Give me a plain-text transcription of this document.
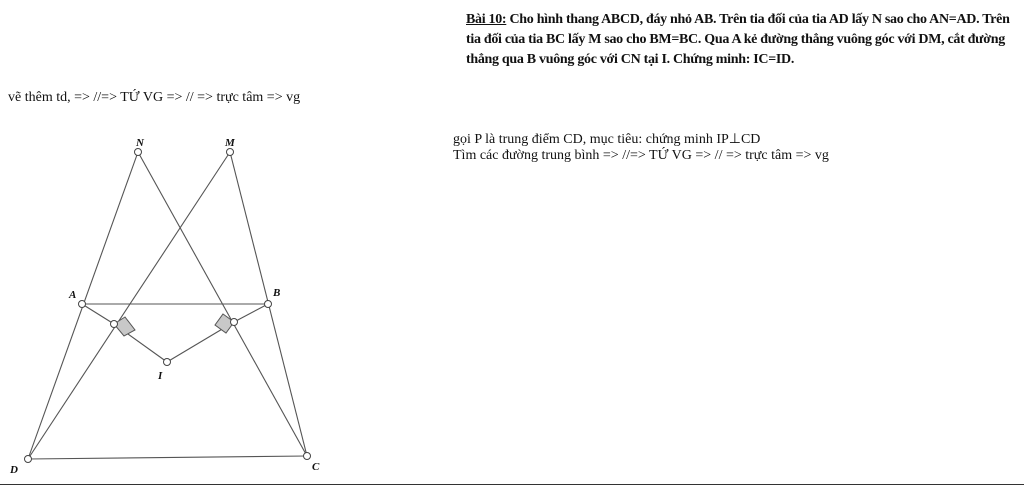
vẽ thêm td, => //=> TỨ VG => // => trực tâm => vg
Bài 10: Cho hình thang ABCD, đáy nhỏ AB. Trên tia đối của tia AD lấy N sao cho AN=AD. Trên tia đối của tia BC lấy M sao cho BM=BC. Qua A kẻ đường thẳng vuông góc với DM, cắt đường thẳng qua B vuông góc với CN tại I. Chứng minh: IC=ID.
gọi P là trung điểm CD, mục tiêu: chứng minh IP⊥CD
Tìm các đường trung bình => //=> TỨ VG => // => trực tâm => vg
N	M
A	B
I
D	C
